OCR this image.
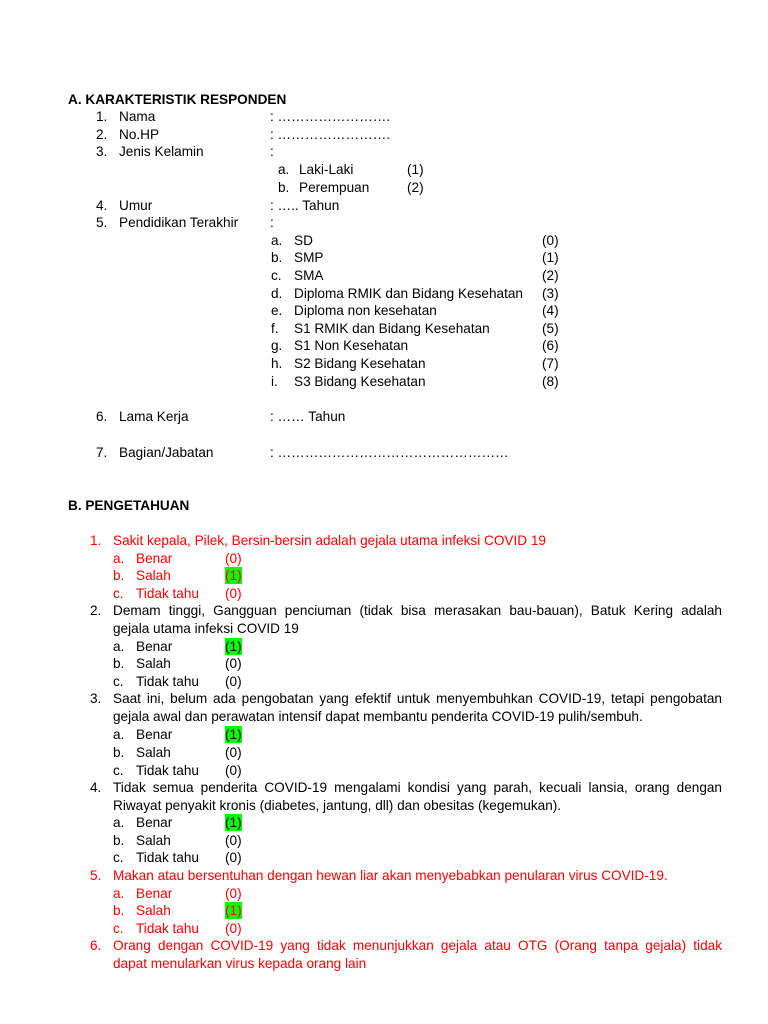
A. KARAKTERISTIK RESPONDEN
1. Nama	: …………………….
2. No.HP	: …………………….
3. Jenis Kelamin	:
a. Laki-Laki	(1)
b. Perempuan	(2)
4. Umur	: ….. Tahun
5. Pendidikan Terakhir :
a. SD	(0)
b. SMP	(1)
c. SMA	(2)
d. Diploma RMIK dan Bidang Kesehatan (3)
e. Diploma non kesehatan	(4)
f. S1 RMIK dan Bidang Kesehatan	(5)
g. S1 Non Kesehatan	(6)
h. S2 Bidang Kesehatan	(7)
i. S3 Bidang Kesehatan	(8)
6. Lama Kerja	: …… Tahun
7. Bagian/Jabatan	: ……………………………………………
B. PENGETAHUAN
1. Sakit kepala, Pilek, Bersin-bersin adalah gejala utama infeksi COVID 19
a. Benar	(0)
b. Salah	(1)
c. Tidak tahu (0)
2. Demam tinggi, Gangguan penciuman (tidak bisa merasakan bau-bauan), Batuk Kering adalah
gejala utama infeksi COVID 19
a. Benar	(1)
b. Salah	(0)
c. Tidak tahu (0)
3. Saat ini, belum ada pengobatan yang efektif untuk menyembuhkan COVID-19, tetapi pengobatan
gejala awal dan perawatan intensif dapat membantu penderita COVID-19 pulih/sembuh.
a. Benar	(1)
b. Salah	(0)
c. Tidak tahu (0)
4. Tidak semua penderita COVID-19 mengalami kondisi yang parah, kecuali lansia, orang dengan
Riwayat penyakit kronis (diabetes, jantung, dll) dan obesitas (kegemukan).
a. Benar	(1)
b. Salah	(0)
c. Tidak tahu (0)
5. Makan atau bersentuhan dengan hewan liar akan menyebabkan penularan virus COVID-19.
a. Benar	(0)
b. Salah	(1)
c. Tidak tahu (0)
6. Orang dengan COVID-19 yang tidak menunjukkan gejala atau OTG (Orang tanpa gejala) tidak
dapat menularkan virus kepada orang lain
